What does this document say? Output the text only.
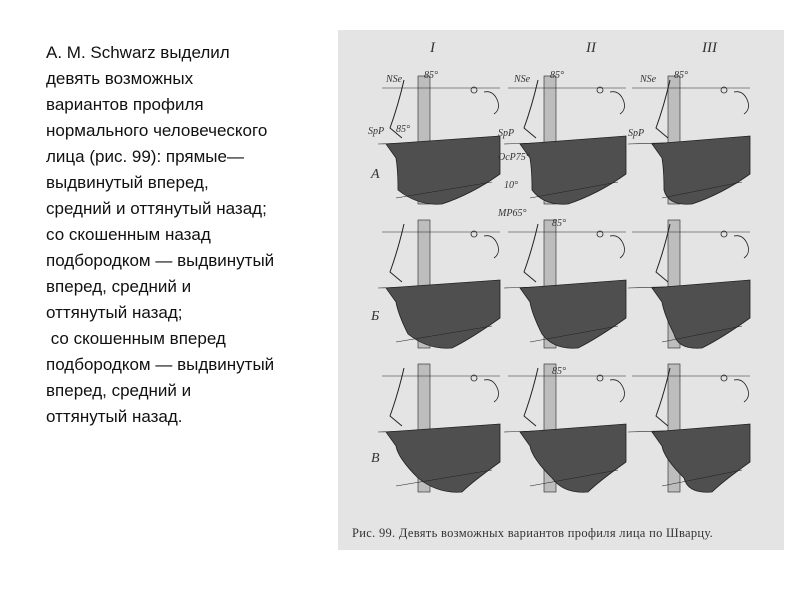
А. М. Schwarz выделил
девять возможных
вариантов профиля
нормального человеческого
лица (рис. 99): прямые—
выдвинутый вперед,
средний и оттянутый назад;
со скошенным назад
подбородком — выдвинутый
вперед, средний и
оттянутый назад;
со скошенным вперед
подбородком — выдвинутый
вперед, средний и
оттянутый назад.
I	II	III
А
Б
В
NSe 85°
SpP 85°
NSe 85°
SpP
OcP75°
10°
MP65°
NSe 85°
SpP
85°
85°
Рис. 99. Девять возможных вариантов профиля лица по Шварцу.
